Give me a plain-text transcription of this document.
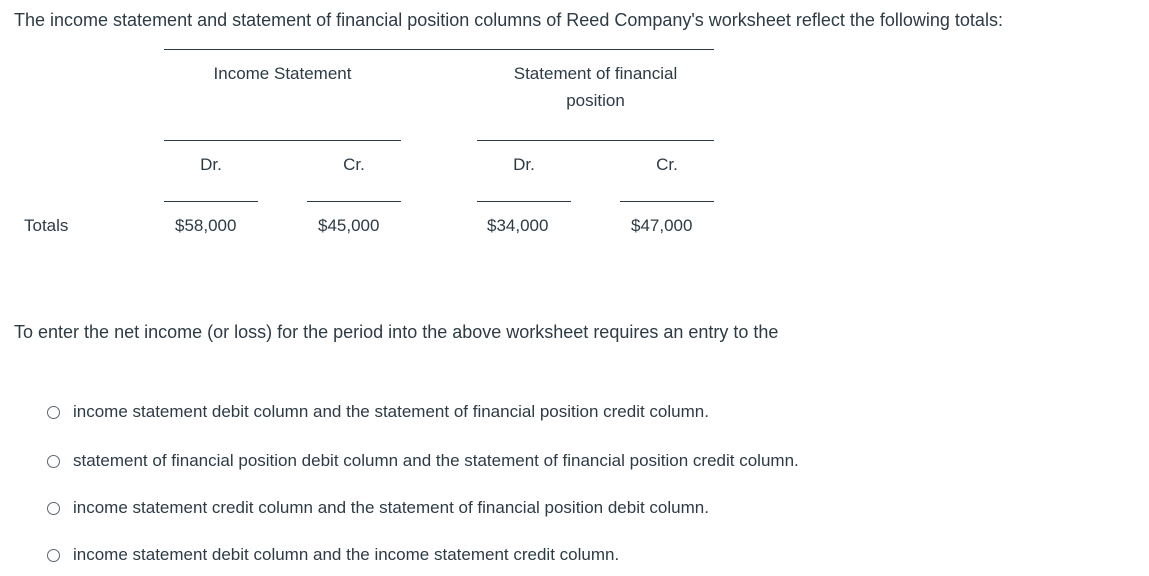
The income statement and statement of financial position columns of Reed Company's worksheet reflect the following totals:
Income Statement	Statement of financial
position
Dr.	Cr.	Dr.	Cr.
Totals	$58,000	$45,000	$34,000	$47,000
To enter the net income (or loss) for the period into the above worksheet requires an entry to the
income statement debit column and the statement of financial position credit column.
statement of financial position debit column and the statement of financial position credit column.
income statement credit column and the statement of financial position debit column.
income statement debit column and the income statement credit column.
